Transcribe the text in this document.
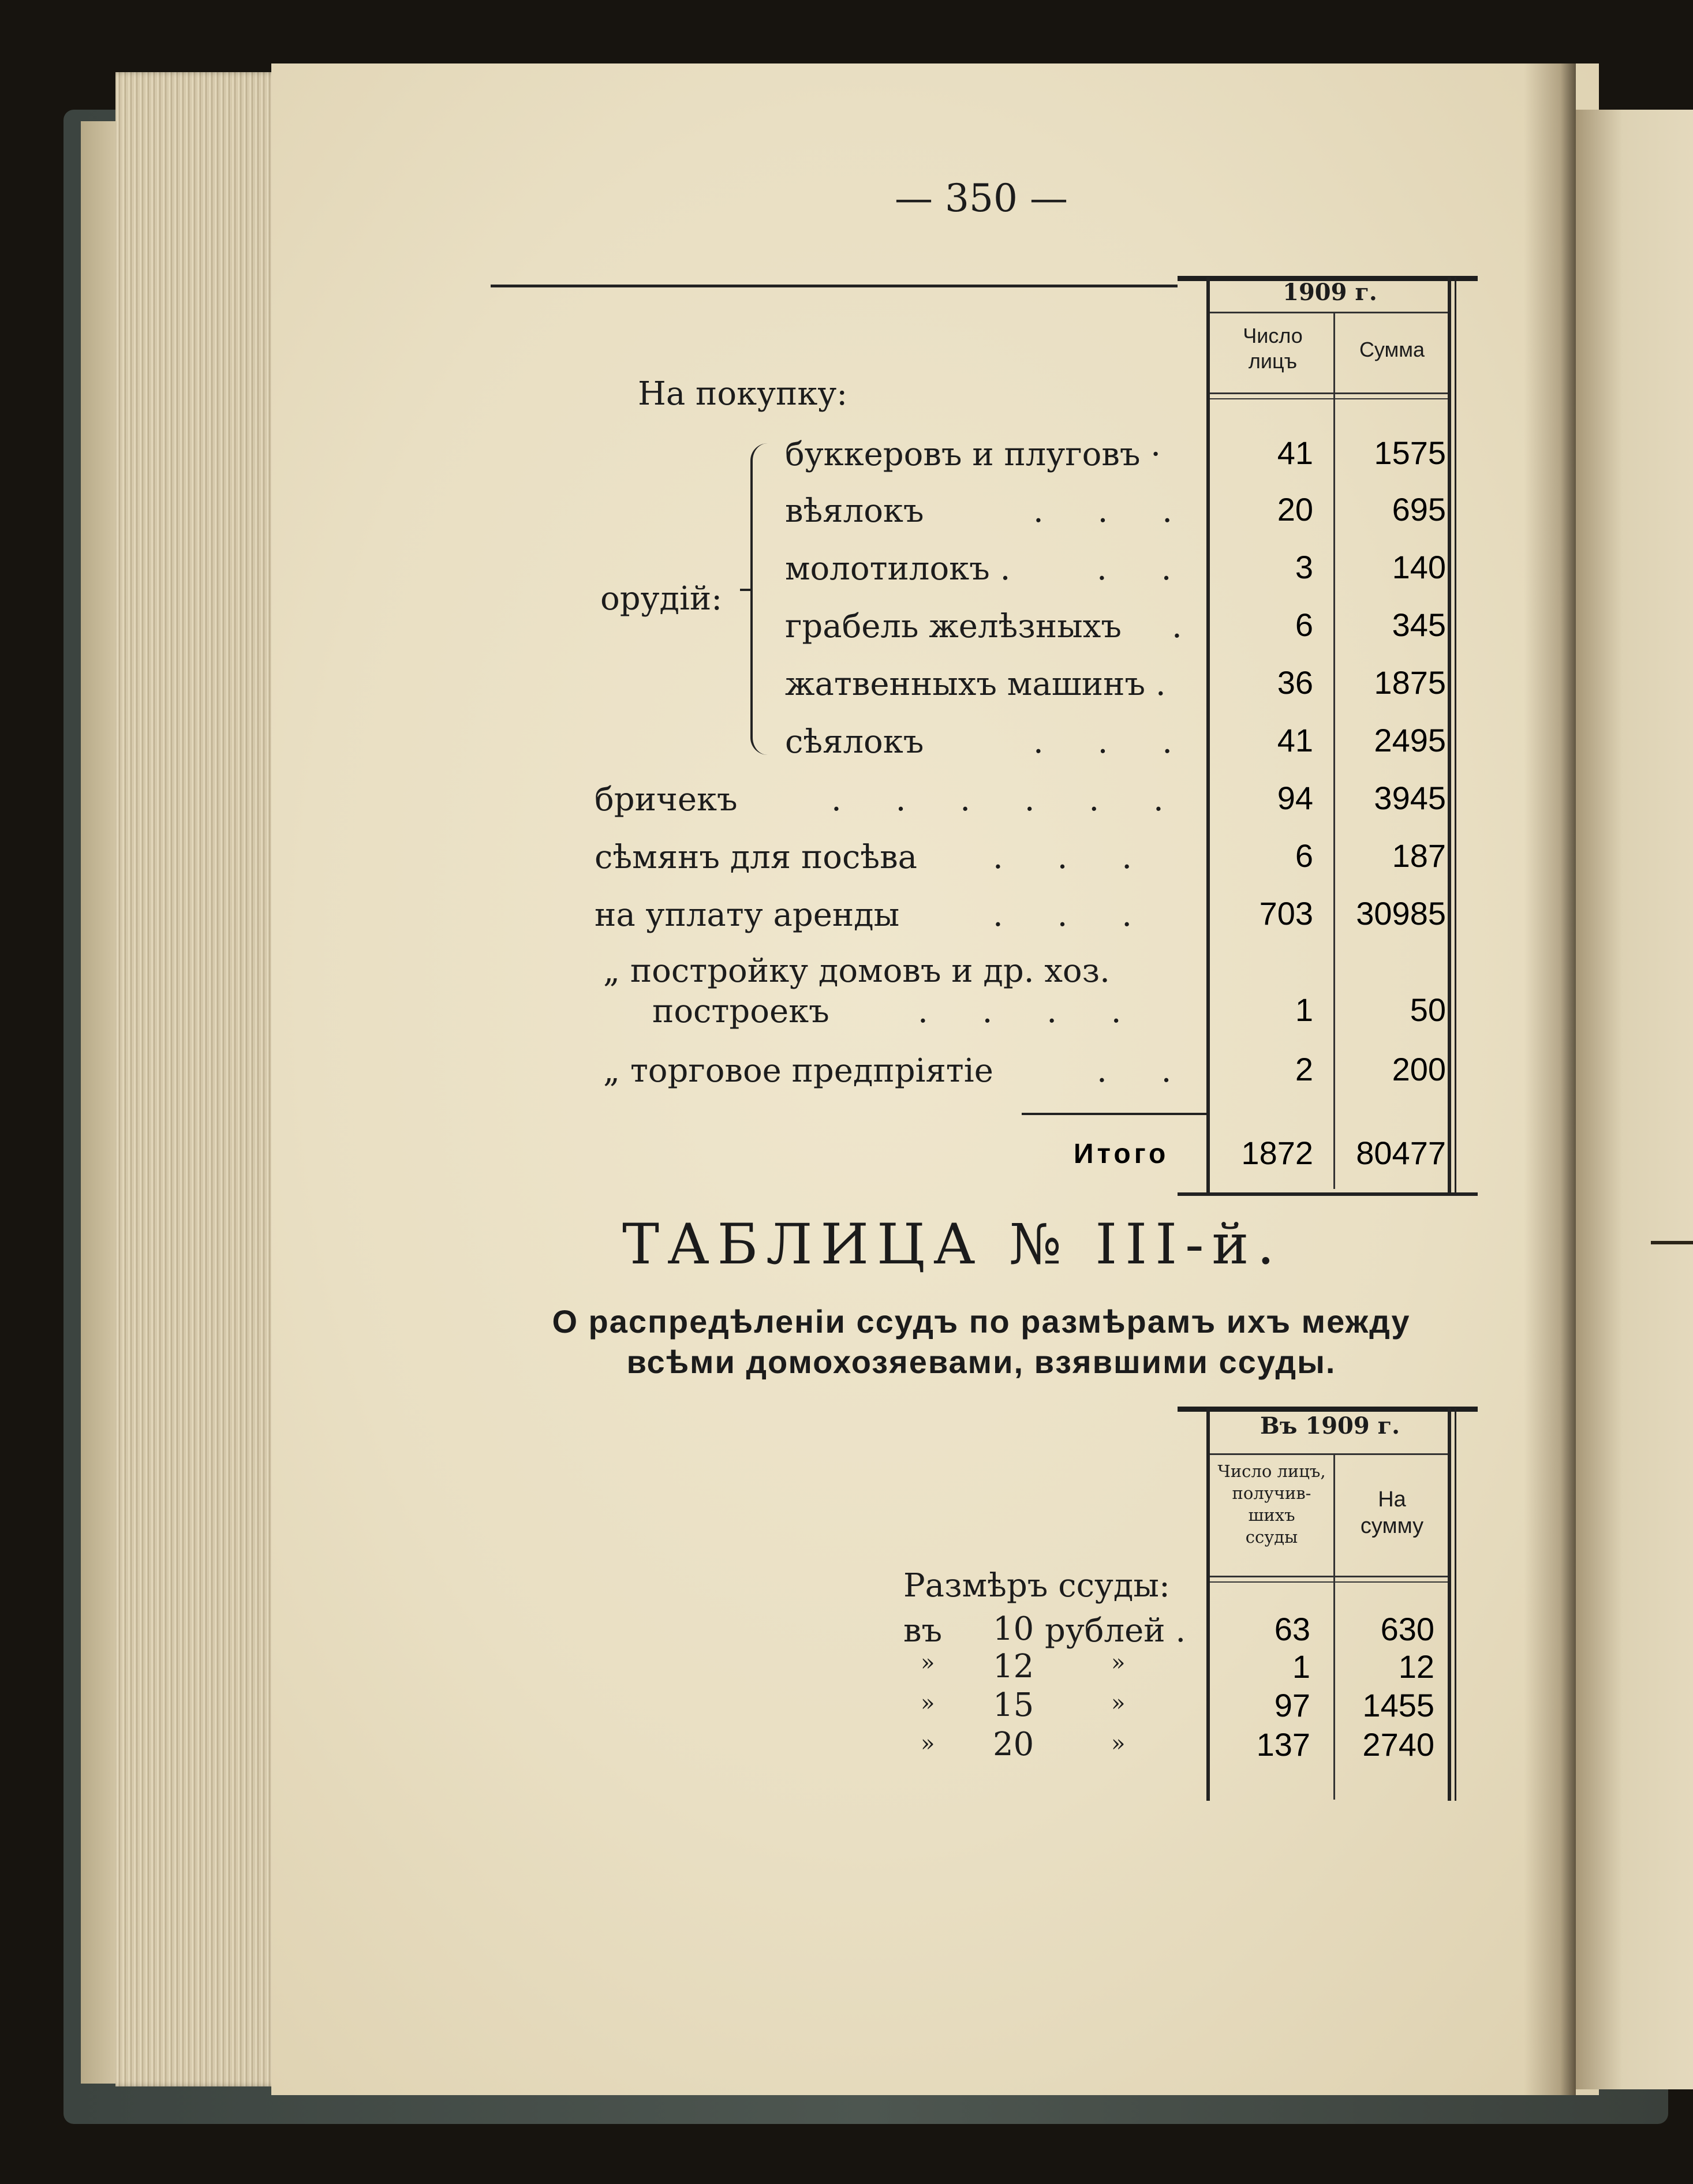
— 350 —
1909 г.
Число
лицъ	Сумма
На покупку:
орудій:
буккеровъ и плуговъ ·	41	1575
вѣялокъ	. . .	20	695
молотилокъ .	. .	3	140
грабель желѣзныхъ .	6	345
жатвенныхъ машинъ .	36	1875
сѣялокъ	. . .	41	2495
бричекъ	. . . . . .	94	3945
сѣмянъ для посѣва . . .	6	187
на уплату аренды	. . .	703	30985
„ постройку домовъ и др. хоз.
построекъ	. . . .	1	50
„ торговое предпріятіе	. .	2	200
Итого	1872	80477
ТАБЛИЦА № III-й.
О распредѣленіи ссудъ по размѣрамъ ихъ между
всѣми домохозяевами, взявшими ссуды.
Въ 1909 г.
Число лицъ,
получив-
шихъ
ссуды
На
сумму
Размѣръ ссуды:
въ 10 рублей .	63	630
» 12	»	1	12
» 15	»	97	1455
» 20	»	137	2740
